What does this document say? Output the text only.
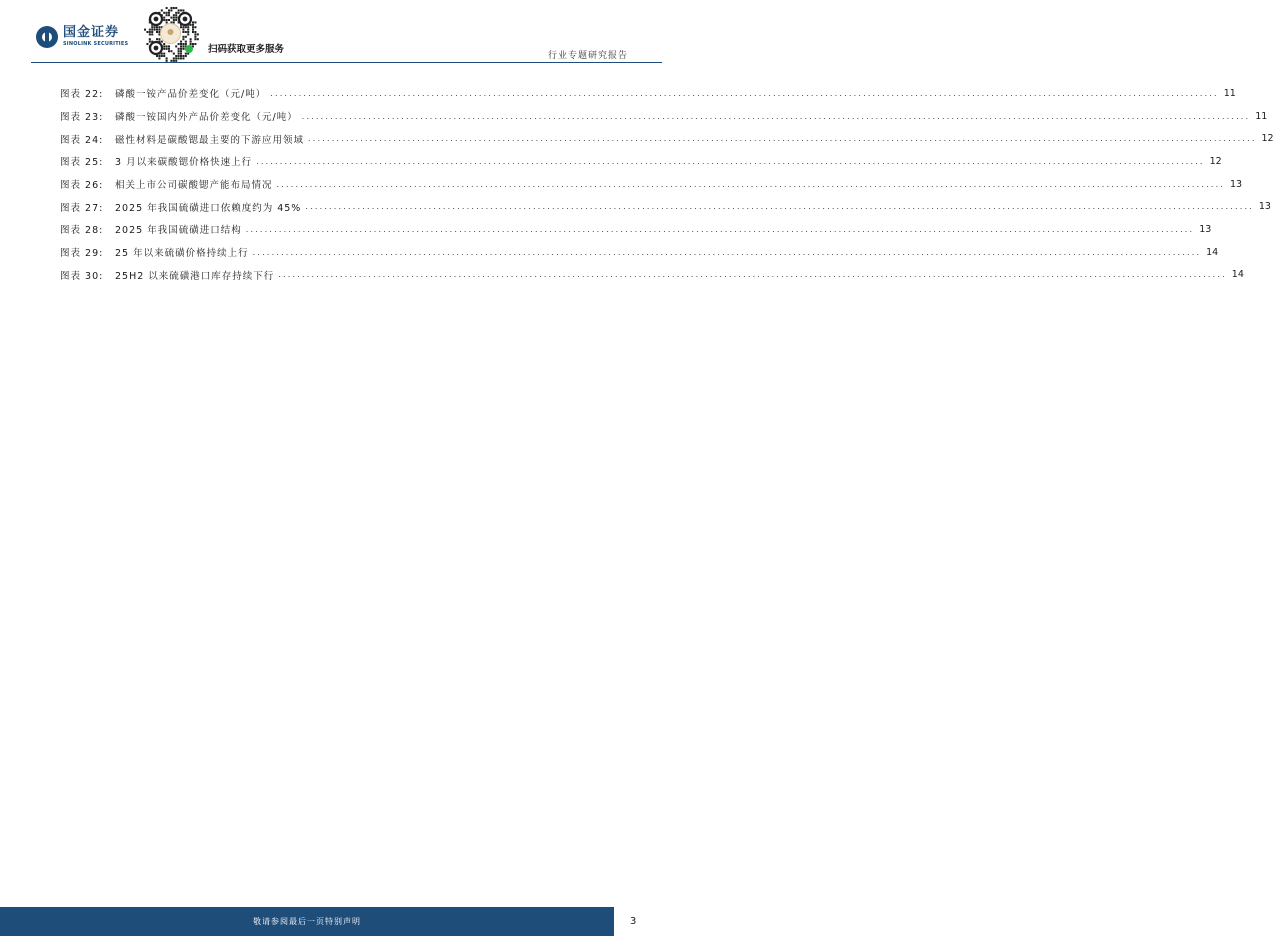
国金证券
SINOLINK SECURITIES	扫码获取更多服务
行业专题研究报告
图表 22:	磷酸一铵产品价差变化（元/吨） ........................................................................................................................................................................................................ 11
图表 23:	磷酸一铵国内外产品价差变化（元/吨） ........................................................................................................................................................................................................ 11
图表 24:	磁性材料是碳酸锶最主要的下游应用领域 ........................................................................................................................................................................................................ 12
图表 25:	3 月以来碳酸锶价格快速上行 ........................................................................................................................................................................................................ 12
图表 26:	相关上市公司碳酸锶产能布局情况 ........................................................................................................................................................................................................ 13
图表 27:	2025 年我国硫磺进口依赖度约为 45% ........................................................................................................................................................................................................ 13
图表 28:	2025 年我国硫磺进口结构 ........................................................................................................................................................................................................ 13
图表 29:	25 年以来硫磺价格持续上行 ........................................................................................................................................................................................................ 14
图表 30:	25H2 以来硫磺港口库存持续下行 ........................................................................................................................................................................................................ 14
敬请参阅最后一页特别声明	3
